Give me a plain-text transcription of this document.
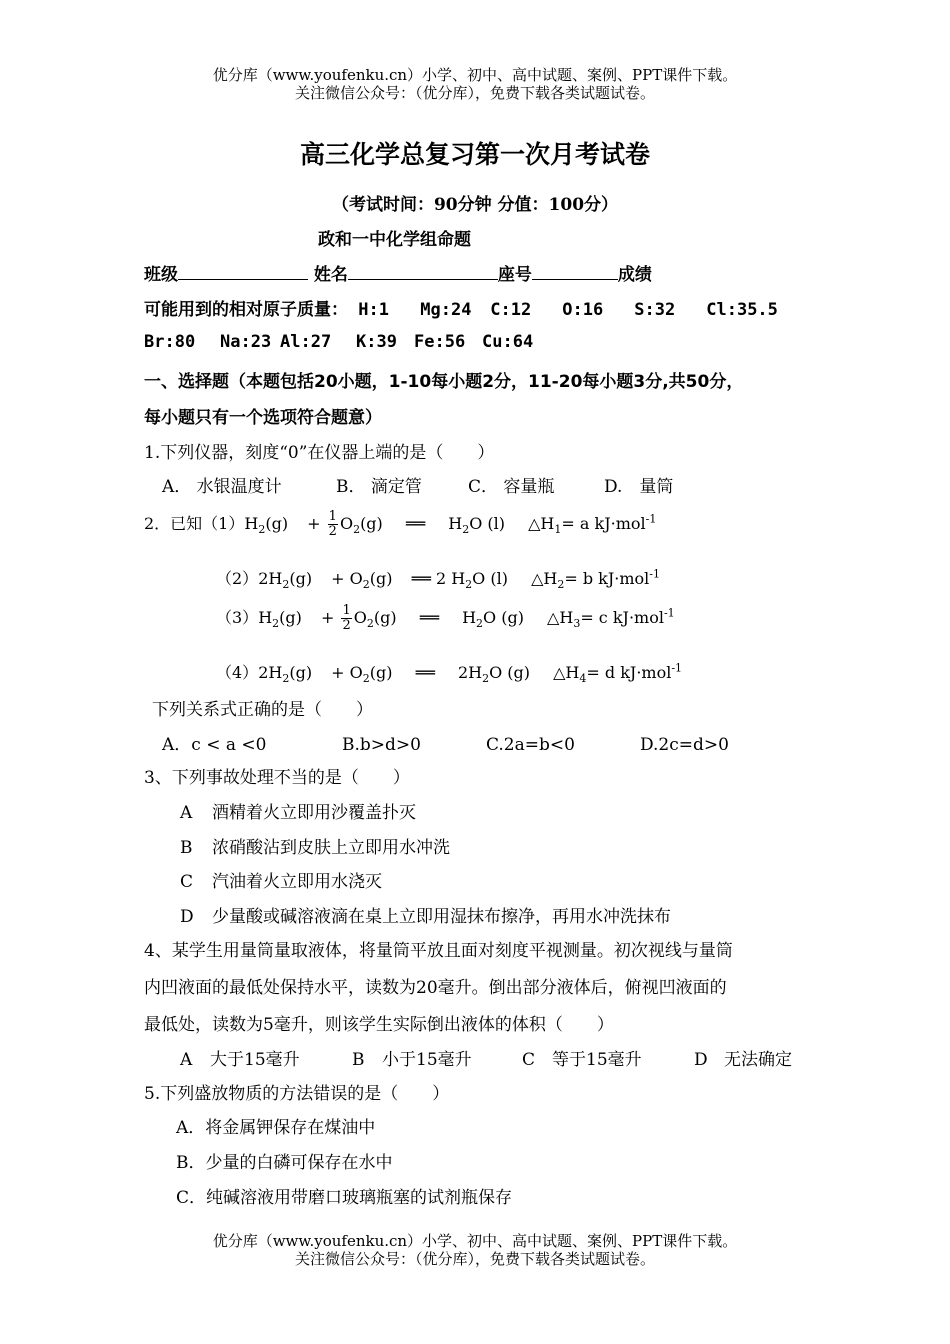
优分库（www.youfenku.cn）小学、初中、高中试题、案例、PPT课件下载。
关注微信公众号：（优分库），免费下载各类试题试卷。
高三化学总复习第一次月考试卷
（考试时间：90分钟 分值：100分）
政和一中化学组命题
班级	姓名	座号	成绩
可能用到的相对原子质量： H:1 Mg:24 C:12 O:16 S:32 Cl:35.5
Br:80 Na:23 Al:27 K:39 Fe:56 Cu:64
一、选择题（本题包括20小题，1-10每小题2分，11-20每小题3分,共50分，
每小题只有一个选项符合题意）
1.下列仪器，刻度“0”在仪器上端的是（　　）
A． 水银温度计	B． 滴定管	C． 容量瓶	D.　量筒
2．已知$(1)H_2(g) + \frac{1}{2} O_2(g)$ ══ $H_2O$ (l) $\triangle H_1= a$ kJ·mol$^{-1}$
$(2)2H_2(g) + O_2(g)$ ══ 2 $H_2O$ (l) $\triangle H_2= b$ kJ·mol$^{-1}$
$(3)H_2(g) + \frac{1}{2} O_2(g)$ ══ $H_2O$ (g) $\triangle H_3= c$ kJ·mol$^{-1}$
$(4)2H_2(g) + O_2(g)$ ══ $2H_2O$ (g) $\triangle H_4= d$ kJ·mol$^{-1}$
下列关系式正确的是（　　）
A．c < a <0	B.b>d>0	C.2a=b<0	D.2c=d>0
3、下列事故处理不当的是（　　）
A 酒精着火立即用沙覆盖扑灭
B 浓硝酸沾到皮肤上立即用水冲洗
C 汽油着火立即用水浇灭
D 少量酸或碱溶液滴在桌上立即用湿抹布擦净，再用水冲洗抹布
4、某学生用量筒量取液体，将量筒平放且面对刻度平视测量。初次视线与量筒
内凹液面的最低处保持水平，读数为20毫升。倒出部分液体后，俯视凹液面的
最低处，读数为5毫升，则该学生实际倒出液体的体积（　　）
A 大于15毫升	B 小于15毫升	C 等于15毫升	D 无法确定
5.下列盛放物质的方法错误的是（　　）
A．将金属钾保存在煤油中
B．少量的白磷可保存在水中
C．纯碱溶液用带磨口玻璃瓶塞的试剂瓶保存
优分库（www.youfenku.cn）小学、初中、高中试题、案例、PPT课件下载。
关注微信公众号：（优分库），免费下载各类试题试卷。
